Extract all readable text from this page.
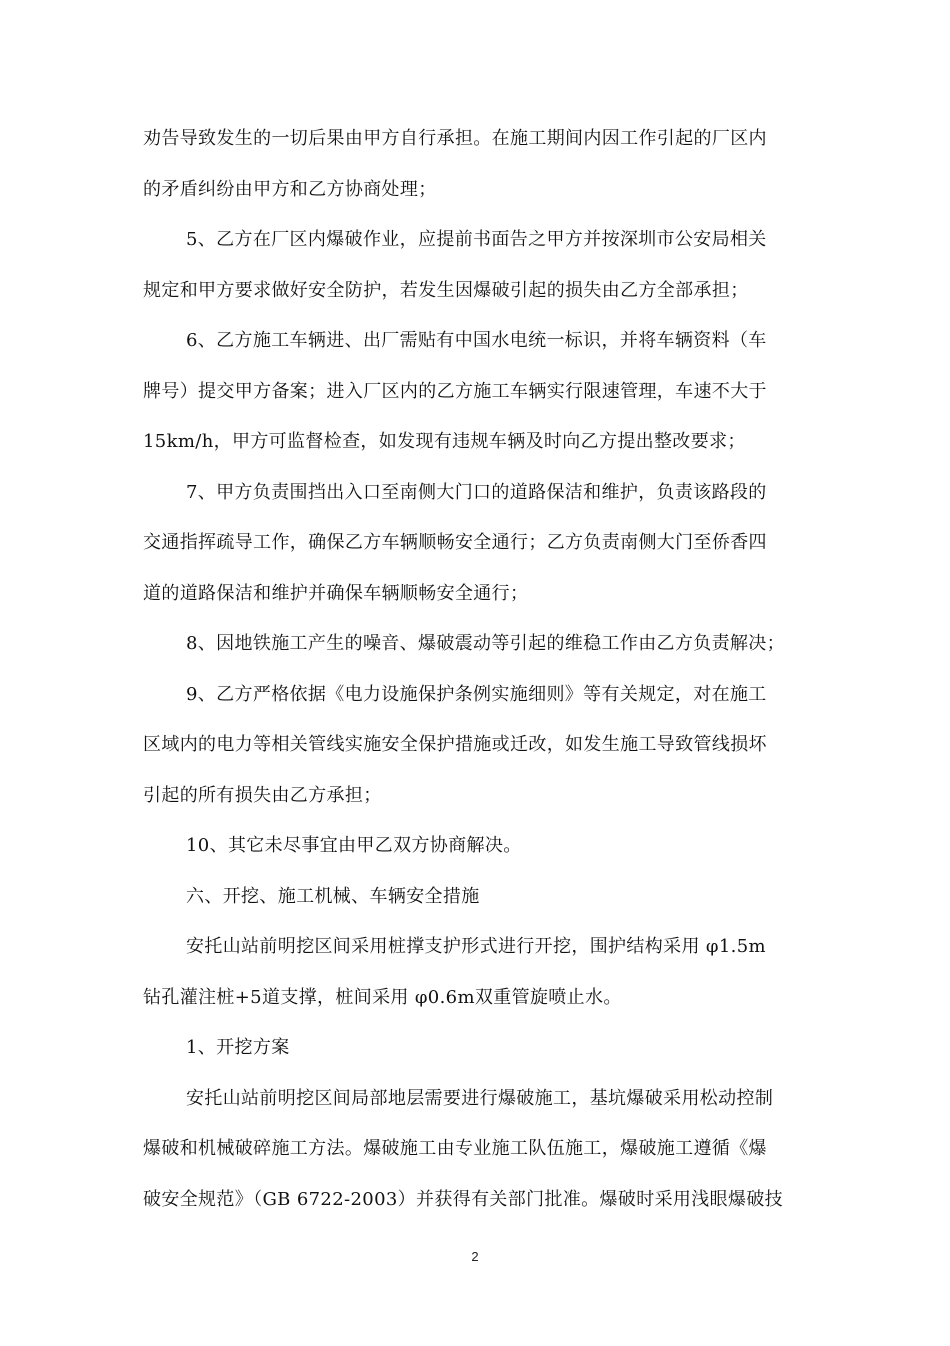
劝告导致发生的一切后果由甲方自行承担。在施工期间内因工作引起的厂区内
的矛盾纠纷由甲方和乙方协商处理；
5、乙方在厂区内爆破作业，应提前书面告之甲方并按深圳市公安局相关
规定和甲方要求做好安全防护，若发生因爆破引起的损失由乙方全部承担；
6、乙方施工车辆进、出厂需贴有中国水电统一标识，并将车辆资料（车
牌号）提交甲方备案；进入厂区内的乙方施工车辆实行限速管理，车速不大于
15km/h，甲方可监督检查，如发现有违规车辆及时向乙方提出整改要求；
7、甲方负责围挡出入口至南侧大门口的道路保洁和维护，负责该路段的
交通指挥疏导工作，确保乙方车辆顺畅安全通行；乙方负责南侧大门至侨香四
道的道路保洁和维护并确保车辆顺畅安全通行；
8、因地铁施工产生的噪音、爆破震动等引起的维稳工作由乙方负责解决；
9、乙方严格依据《电力设施保护条例实施细则》等有关规定，对在施工
区域内的电力等相关管线实施安全保护措施或迁改，如发生施工导致管线损坏
引起的所有损失由乙方承担；
10、其它未尽事宜由甲乙双方协商解决。
六、开挖、施工机械、车辆安全措施
安托山站前明挖区间采用桩撑支护形式进行开挖，围护结构采用 φ1.5m
钻孔灌注桩+5道支撑，桩间采用 φ0.6m双重管旋喷止水。
1、开挖方案
安托山站前明挖区间局部地层需要进行爆破施工，基坑爆破采用松动控制
爆破和机械破碎施工方法。爆破施工由专业施工队伍施工，爆破施工遵循《爆
破安全规范》（GB 6722-2003）并获得有关部门批准。爆破时采用浅眼爆破技
2
